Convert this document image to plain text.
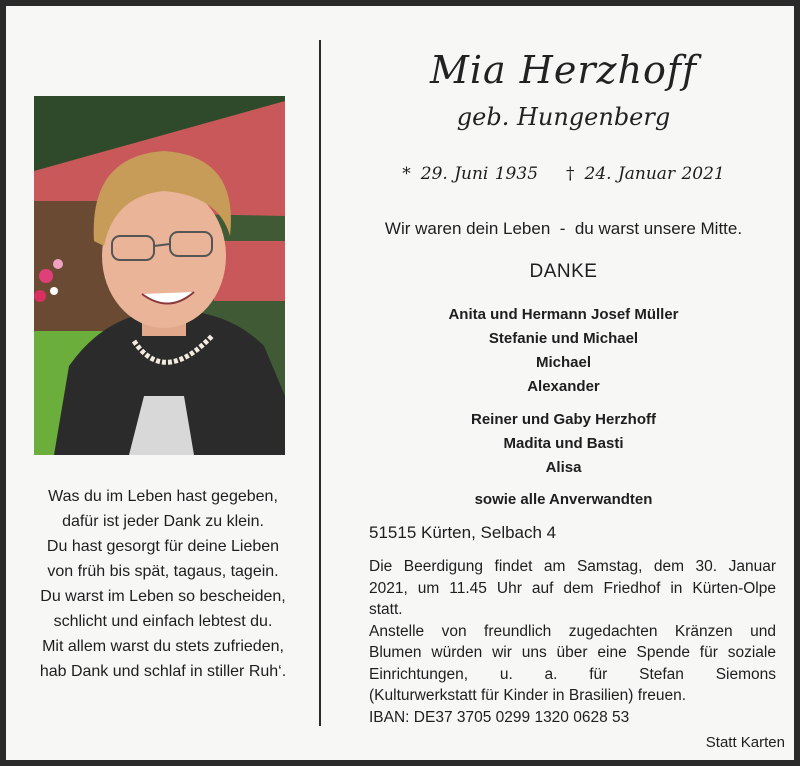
Was du im Leben hast gegeben,
dafür ist jeder Dank zu klein.
Du hast gesorgt für deine Lieben
von früh bis spät, tagaus, tagein.
Du warst im Leben so bescheiden,
schlicht und einfach lebtest du.
Mit allem warst du stets zufrieden,
hab Dank und schlaf in stiller Ruh‘.
Mia Herzhoff
geb. Hungenberg
* 29. Juni 1935 † 24. Januar 2021
Wir waren dein Leben  -  du warst unsere Mitte.
DANKE
Anita und Hermann Josef Müller
Stefanie und Michael
Michael
Alexander
Reiner und Gaby Herzhoff
Madita und Basti
Alisa
sowie alle Anverwandten
51515 Kürten, Selbach 4

Die Beerdigung findet am Samstag, dem 30. Januar

2021, um 11.45 Uhr auf dem Friedhof in Kürten-Olpe

statt.

Anstelle von freundlich zugedachten Kränzen und

Blumen würden wir uns über eine Spende für soziale

Einrichtungen, u. a. für Stefan Siemons

(Kulturwerkstatt für Kinder in Brasilien) freuen.

IBAN: DE37 3705 0299 1320 0628 53

Statt Karten
